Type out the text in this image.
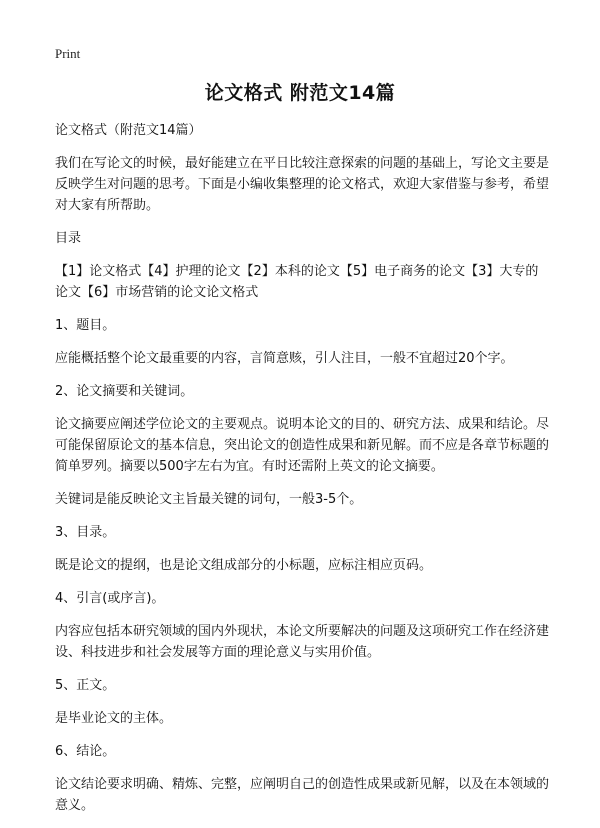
Print
论文格式 附范文14篇

论文格式（附范文14篇）

我们在写论文的时候，最好能建立在平日比较注意探索的问题的基础上，写论文主要是反映学生对问题的思考。下面是小编收集整理的论文格式，欢迎大家借鉴与参考，希望对大家有所帮助。

目录

【1】论文格式【4】护理的论文【2】本科的论文【5】电子商务的论文【3】大专的论文【6】市场营销的论文论文格式

1、题目。

应能概括整个论文最重要的内容，言简意赅，引人注目，一般不宜超过20个字。

2、论文摘要和关键词。

论文摘要应阐述学位论文的主要观点。说明本论文的目的、研究方法、成果和结论。尽可能保留原论文的基本信息，突出论文的创造性成果和新见解。而不应是各章节标题的简单罗列。摘要以500字左右为宜。有时还需附上英文的论文摘要。

关键词是能反映论文主旨最关键的词句，一般3-5个。

3、目录。

既是论文的提纲，也是论文组成部分的小标题，应标注相应页码。

4、引言(或序言)。

内容应包括本研究领域的国内外现状，本论文所要解决的问题及这项研究工作在经济建设、科技进步和社会发展等方面的理论意义与实用价值。

5、正文。

是毕业论文的主体。

6、结论。

论文结论要求明确、精炼、完整，应阐明自己的创造性成果或新见解，以及在本领域的意义。
